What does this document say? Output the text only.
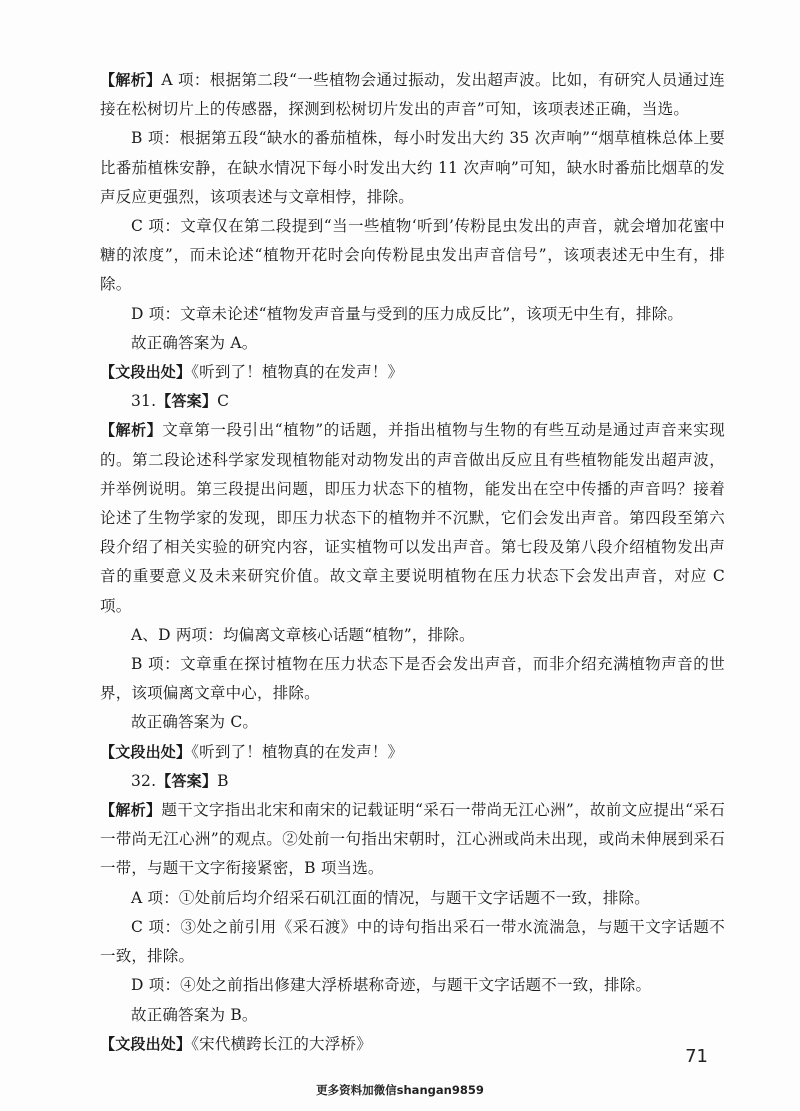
【解析】A 项：根据第二段“一些植物会通过振动，发出超声波。比如，有研究人员通过连接在松树切片上的传感器，探测到松树切片发出的声音”可知，该项表述正确，当选。

B 项：根据第五段“缺水的番茄植株，每小时发出大约 35 次声响”“烟草植株总体上要比番茄植株安静，在缺水情况下每小时发出大约 11 次声响”可知，缺水时番茄比烟草的发声反应更强烈，该项表述与文章相悖，排除。

C 项：文章仅在第二段提到“当一些植物‘听到’传粉昆虫发出的声音，就会增加花蜜中糖的浓度”，而未论述“植物开花时会向传粉昆虫发出声音信号”，该项表述无中生有，排除。

D 项：文章未论述“植物发声音量与受到的压力成反比”，该项无中生有，排除。

故正确答案为 A。

【文段出处】《听到了！植物真的在发声！》

31.【答案】C

【解析】文章第一段引出“植物”的话题，并指出植物与生物的有些互动是通过声音来实现的。第二段论述科学家发现植物能对动物发出的声音做出反应且有些植物能发出超声波，并举例说明。第三段提出问题，即压力状态下的植物，能发出在空中传播的声音吗？接着论述了生物学家的发现，即压力状态下的植物并不沉默，它们会发出声音。第四段至第六段介绍了相关实验的研究内容，证实植物可以发出声音。第七段及第八段介绍植物发出声音的重要意义及未来研究价值。故文章主要说明植物在压力状态下会发出声音，对应 C 项。

A、D 两项：均偏离文章核心话题“植物”，排除。

B 项：文章重在探讨植物在压力状态下是否会发出声音，而非介绍充满植物声音的世界，该项偏离文章中心，排除。

故正确答案为 C。

【文段出处】《听到了！植物真的在发声！》

32.【答案】B

【解析】题干文字指出北宋和南宋的记载证明“采石一带尚无江心洲”，故前文应提出“采石一带尚无江心洲”的观点。②处前一句指出宋朝时，江心洲或尚未出现，或尚未伸展到采石一带，与题干文字衔接紧密，B 项当选。

A 项：①处前后均介绍采石矶江面的情况，与题干文字话题不一致，排除。

C 项：③处之前引用《采石渡》中的诗句指出采石一带水流湍急，与题干文字话题不一致，排除。

D 项：④处之前指出修建大浮桥堪称奇迹，与题干文字话题不一致，排除。

故正确答案为 B。

【文段出处】《宋代横跨长江的大浮桥》

71
更多资料加微信shangan9859
